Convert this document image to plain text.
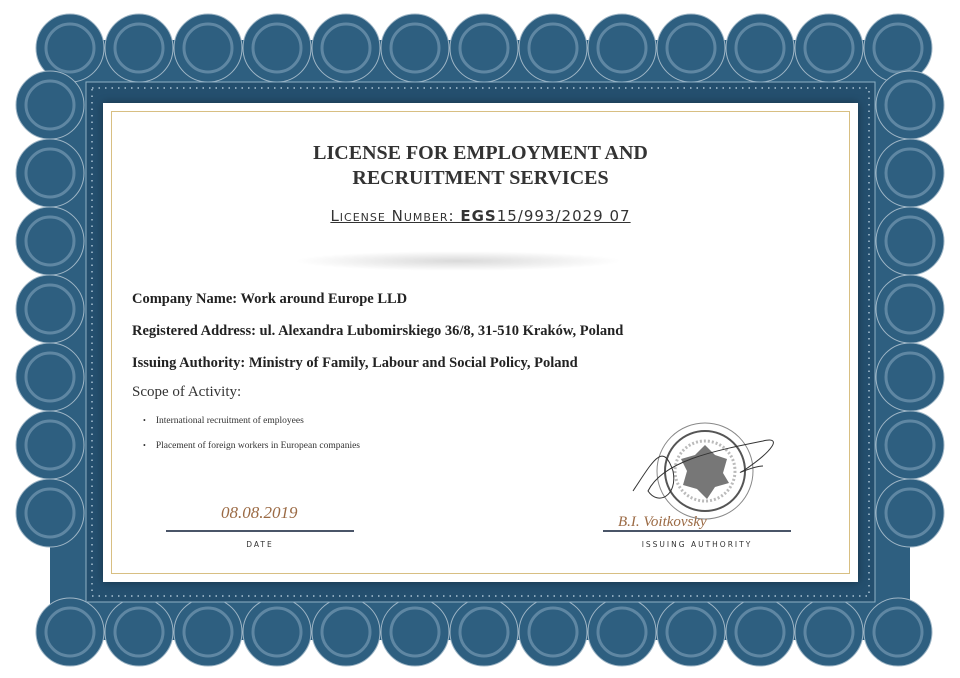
LICENSE FOR EMPLOYMENT AND
RECRUITMENT SERVICES
License Number: EGS15/993/2029 07
Company Name: Work around Europe LLD
Registered Address: ul. Alexandra Lubomirskiego 36/8, 31-510 Kraków, Poland
Issuing Authority: Ministry of Family, Labour and Social Policy, Poland
Scope of Activity:
• International recruitment of employees
• Placement of foreign workers in European companies
08.08.2019
DATE
B.I. Voitkovsky
ISSUING AUTHORITY
